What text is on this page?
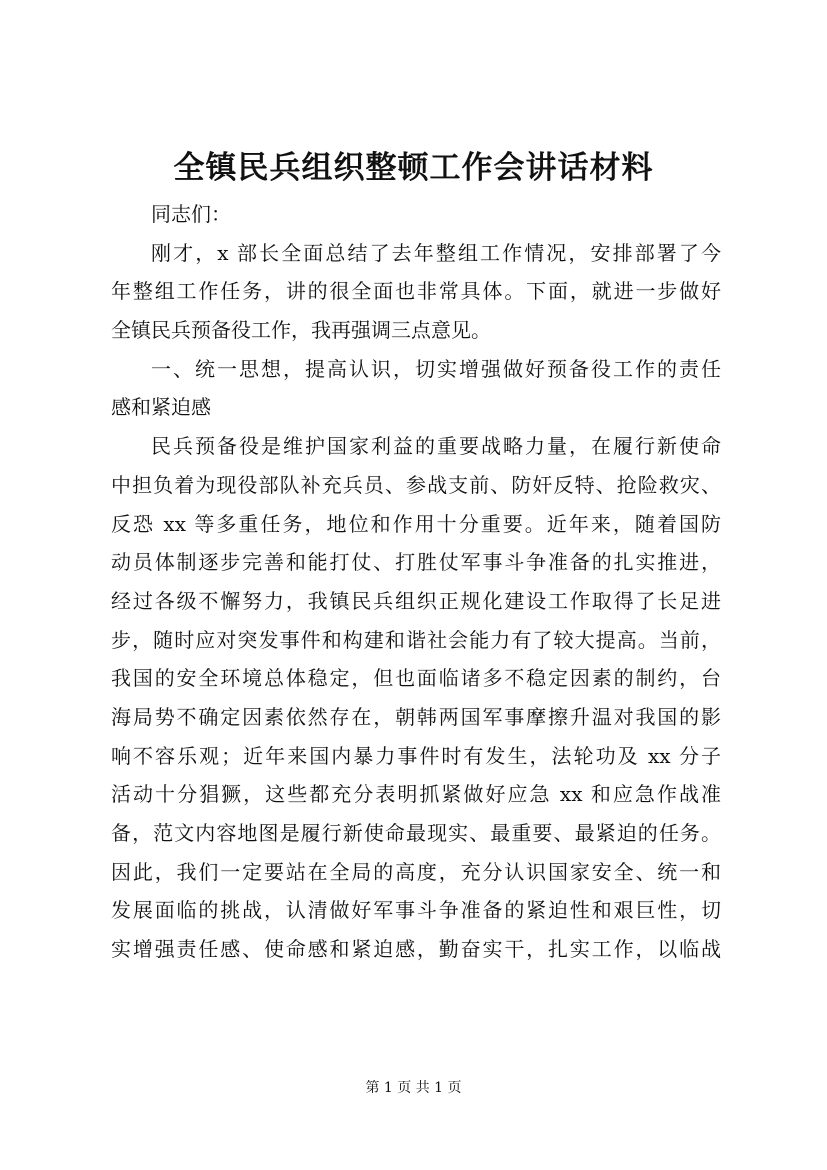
全镇民兵组织整顿工作会讲话材料
同志们：
刚才，x 部长全面总结了去年整组工作情况，安排部署了今
年整组工作任务，讲的很全面也非常具体。下面，就进一步做好
全镇民兵预备役工作，我再强调三点意见。
一、统一思想，提高认识，切实增强做好预备役工作的责任
感和紧迫感
民兵预备役是维护国家利益的重要战略力量，在履行新使命
中担负着为现役部队补充兵员、参战支前、防奸反特、抢险救灾、
反恐 xx 等多重任务，地位和作用十分重要。近年来，随着国防
动员体制逐步完善和能打仗、打胜仗军事斗争准备的扎实推进，
经过各级不懈努力，我镇民兵组织正规化建设工作取得了长足进
步，随时应对突发事件和构建和谐社会能力有了较大提高。当前，
我国的安全环境总体稳定，但也面临诸多不稳定因素的制约，台
海局势不确定因素依然存在，朝韩两国军事摩擦升温对我国的影
响不容乐观；近年来国内暴力事件时有发生，法轮功及 xx 分子
活动十分猖獗，这些都充分表明抓紧做好应急 xx 和应急作战准
备，范文内容地图是履行新使命最现实、最重要、最紧迫的任务。
因此，我们一定要站在全局的高度，充分认识国家安全、统一和
发展面临的挑战，认清做好军事斗争准备的紧迫性和艰巨性，切
实增强责任感、使命感和紧迫感，勤奋实干，扎实工作，以临战
第 1 页 共 1 页
